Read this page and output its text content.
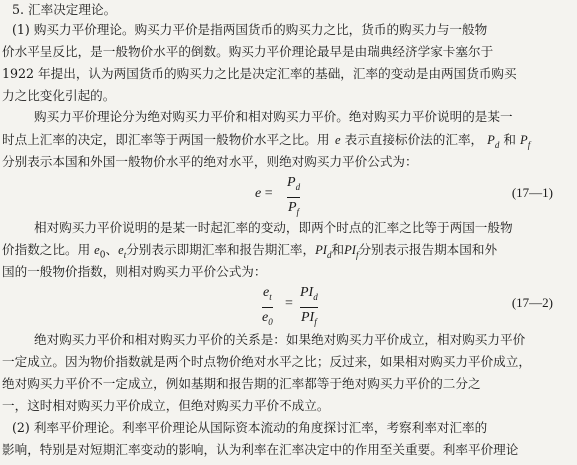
5. 汇率决定理论。
(1) 购买力平价理论。购买力平价是指两国货币的购买力之比，货币的购买力与一般物
价水平呈反比，是一般物价水平的倒数。购买力平价理论最早是由瑞典经济学家卡塞尔于
1922 年提出，认为两国货币的购买力之比是决定汇率的基础，汇率的变动是由两国货币购买
力之比变化引起的。
购买力平价理论分为绝对购买力平价和相对购买力平价。绝对购买力平价说明的是某一
时点上汇率的决定，即汇率等于两国一般物价水平之比。用 e 表示直接标价法的汇率， $P_d$ 和 $P_f$
分别表示本国和外国一般物价水平的绝对水平，则绝对购买力平价公式为：
e =
$P_d$
$P_f$
(17—1)
相对购买力平价说明的是某一时起汇率的变动，即两个时点的汇率之比等于两国一般物
价指数之比。用 $e_0$、$e_t$分别表示即期汇率和报告期汇率，$PI_d$和$PI_f$分别表示报告期本国和外
国的一般物价指数，则相对购买力平价公式为：
$e_t$
$e_0$
=
$PI_d$
$PI_f$
(17—2)
绝对购买力平价和相对购买力平价的关系是：如果绝对购买力平价成立，相对购买力平价
一定成立。因为物价指数就是两个时点物价绝对水平之比；反过来，如果相对购买力平价成立，
绝对购买力平价不一定成立，例如基期和报告期的汇率都等于绝对购买力平价的二分之
一，这时相对购买力平价成立，但绝对购买力平价不成立。
(2) 利率平价理论。利率平价理论从国际资本流动的角度探讨汇率，考察利率对汇率的
影响，特别是对短期汇率变动的影响，认为利率在汇率决定中的作用至关重要。利率平价理论
